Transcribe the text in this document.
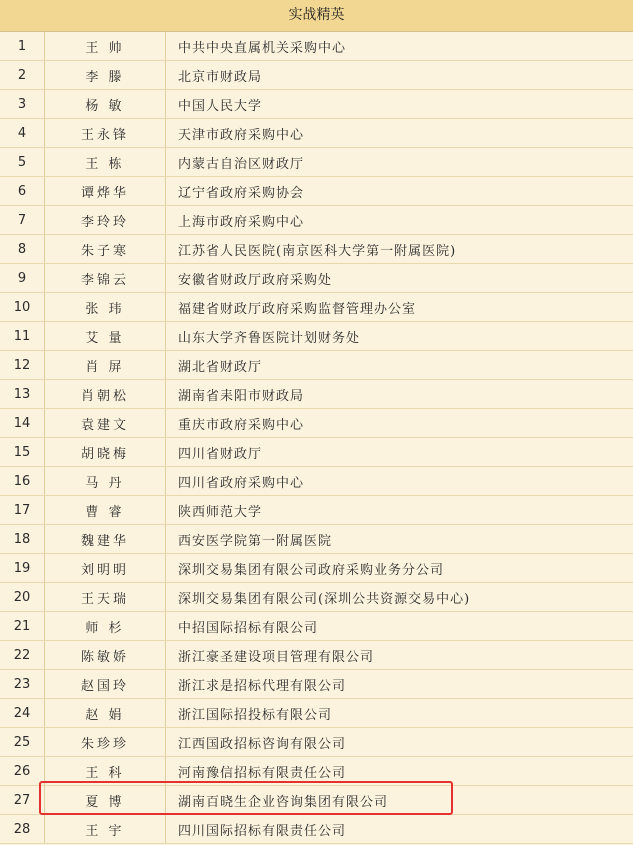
实战精英
1	王 帅	中共中央直属机关采购中心
2	李 滕	北京市财政局
3	杨 敏	中国人民大学
4	王永锋	天津市政府采购中心
5	王 栋	内蒙古自治区财政厅
6	谭烨华	辽宁省政府采购协会
7	李玲玲	上海市政府采购中心
8	朱子寒	江苏省人民医院(南京医科大学第一附属医院)
9	李锦云	安徽省财政厅政府采购处
10	张 玮	福建省财政厅政府采购监督管理办公室
11	艾 量	山东大学齐鲁医院计划财务处
12	肖 屏	湖北省财政厅
13	肖朝松	湖南省耒阳市财政局
14	袁建文	重庆市政府采购中心
15	胡晓梅	四川省财政厅
16	马 丹	四川省政府采购中心
17	曹 睿	陕西师范大学
18	魏建华	西安医学院第一附属医院
19	刘明明	深圳交易集团有限公司政府采购业务分公司
20	王天瑞	深圳交易集团有限公司(深圳公共资源交易中心)
21	师 杉	中招国际招标有限公司
22	陈敏娇	浙江豪圣建设项目管理有限公司
23	赵国玲	浙江求是招标代理有限公司
24	赵 娟	浙江国际招投标有限公司
25	朱珍珍	江西国政招标咨询有限公司
26	王 科	河南豫信招标有限责任公司
27	夏 博	湖南百晓生企业咨询集团有限公司
28	王 宇	四川国际招标有限责任公司
